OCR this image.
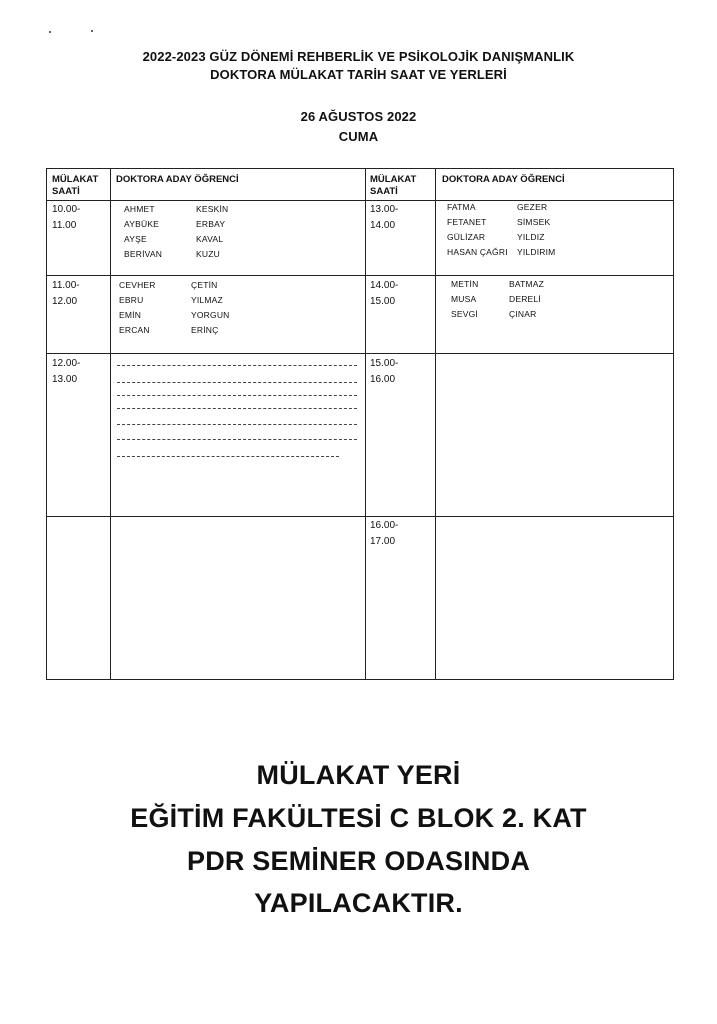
2022-2023 GÜZ DÖNEMİ REHBERLİK VE PSİKOLOJİK DANIŞMANLIK
DOKTORA MÜLAKAT TARİH SAAT VE YERLERİ
26 AĞUSTOS 2022
CUMA
MÜLAKAT
SAATİ
DOKTORA ADAY ÖĞRENCİ	MÜLAKAT
SAATİ
DOKTORA ADAY ÖĞRENCİ
10.00-
11.00
AHMET
AYBÜKE
AYŞE
BERİVAN
KESKİN
ERBAY
KAVAL
KUZU
11.00-
12.00
CEVHER
EBRU
EMİN
ERCAN
ÇETİN
YILMAZ
YORGUN
ERİNÇ
12.00-
13.00
13.00-
14.00
FATMA
FETANET
GÜLİZAR
HASAN ÇAĞRI
GEZER
SİMSEK
YILDIZ
YILDIRIM
14.00-
15.00
METİN
MUSA
SEVGİ
BATMAZ
DERELİ
ÇINAR
15.00-
16.00
16.00-
17.00
MÜLAKAT YERİ
EĞİTİM FAKÜLTESİ C BLOK 2. KAT
PDR SEMİNER ODASINDA
YAPILACAKTIR.
